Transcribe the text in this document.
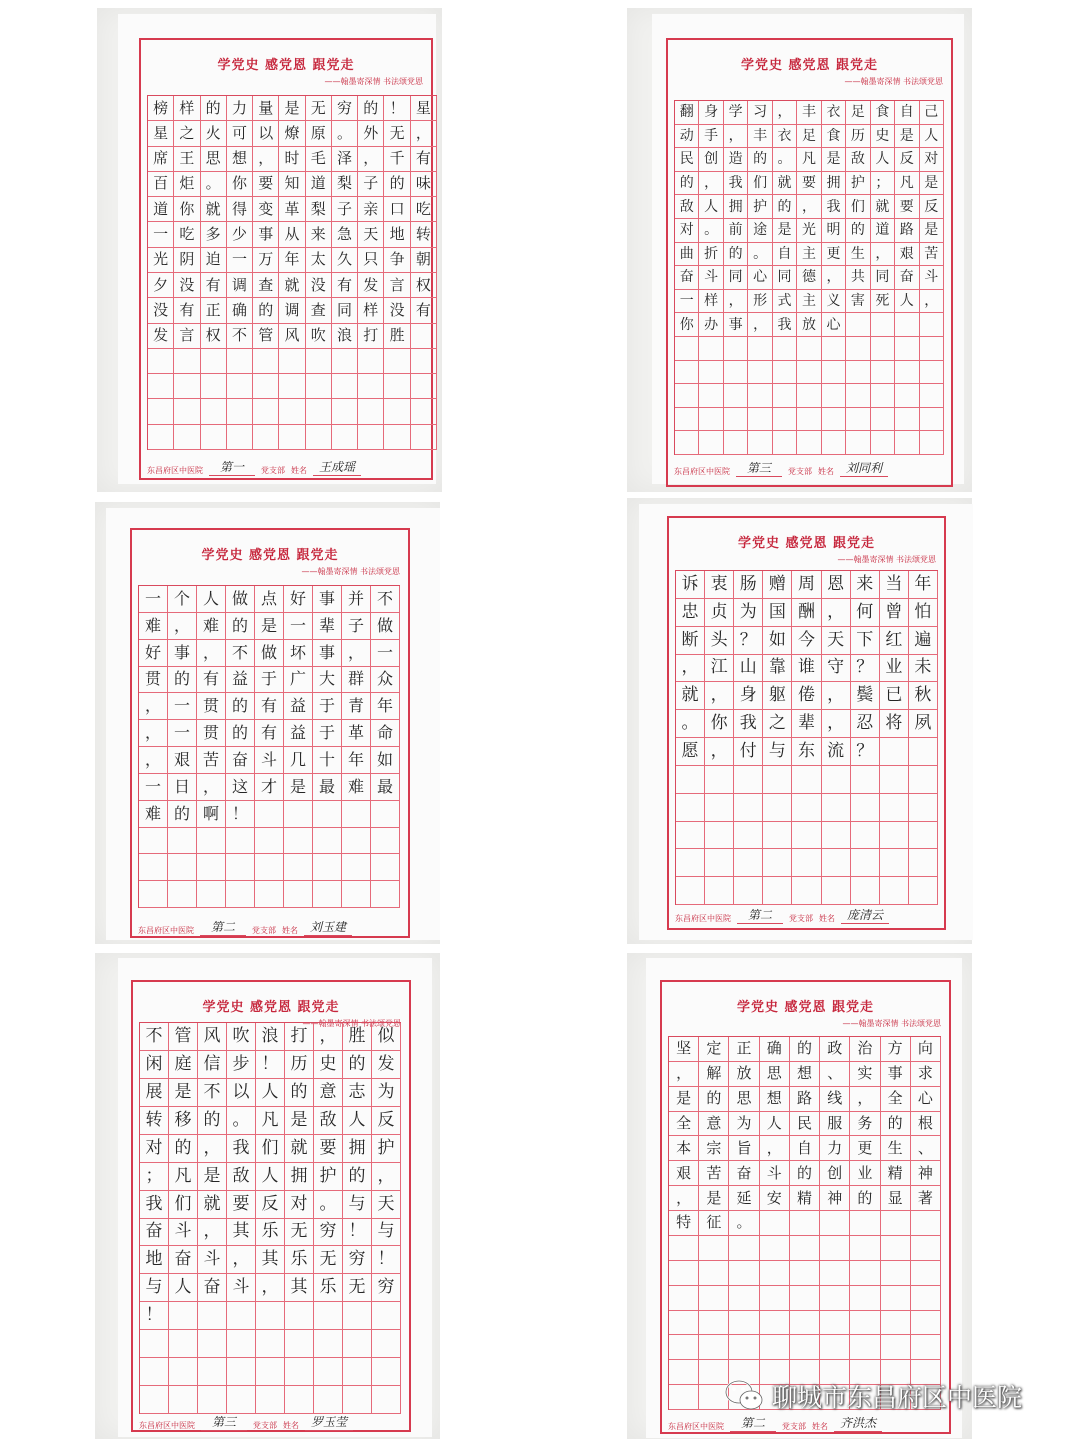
学党史 感党恩 跟党走
——翰墨寄深情 书法颂党恩
榜 样 的 力 量 是 无 穷 的 ！ 星
星 之 火 可 以 燎 原 。 外 无 ，
席 王 思 想 ， 时 毛 泽 ， 千 有
百 炬 。 你 要 知 道 梨 子 的 味
道 你 就 得 变 革 梨 子 亲 口 吃
一 吃 多 少 事 从 来 急 天 地 转
光 阴 迫 一 万 年 太 久 只 争 朝
夕 没 有 调 查 就 没 有 发 言 权
没 有 正 确 的 调 查 同 样 没 有
发 言 权 不 管 风 吹 浪 打 胜
东昌府区中医院	第一	党支部 姓名	王成瑶
学党史 感党恩 跟党走
——翰墨寄深情 书法颂党恩
翻 身 学 习 ， 丰 衣 足 食 自 己
动 手 ， 丰 衣 足 食 历 史 是 人
民 创 造 的 。 凡 是 敌 人 反 对
的 ， 我 们 就 要 拥 护 ； 凡 是
敌 人 拥 护 的 ， 我 们 就 要 反
对 。 前 途 是 光 明 的 道 路 是
曲 折 的 。 自 主 更 生 ， 艰 苦
奋 斗 同 心 同 德 ， 共 同 奋 斗
一 样 ， 形 式 主 义 害 死 人 ，
你 办 事 ， 我 放 心
东昌府区中医院	第三	党支部 姓名	刘同利
学党史 感党恩 跟党走
——翰墨寄深情 书法颂党恩
一 个 人 做 点 好 事 并 不
难 ， 难 的 是 一 辈 子 做
好 事 ， 不 做 坏 事 ， 一
贯 的 有 益 于 广 大 群 众
， 一 贯 的 有 益 于 青 年
， 一 贯 的 有 益 于 革 命
， 艰 苦 奋 斗 几 十 年 如
一 日 ， 这 才 是 最 难 最
难 的 啊 ！
东昌府区中医院	第二	党支部 姓名	刘玉建
学党史 感党恩 跟党走
——翰墨寄深情 书法颂党恩
诉 衷 肠 赠 周 恩 来 当 年
忠 贞 为 国 酬 ， 何 曾 怕
断 头 ？ 如 今 天 下 红 遍
， 江 山 靠 谁 守 ？ 业 未
就 ， 身 躯 倦 ， 鬓 已 秋
。 你 我 之 辈 ， 忍 将 夙
愿 ， 付 与 东 流 ？
东昌府区中医院	第二	党支部 姓名	庞清云
学党史 感党恩 跟党走
——翰墨寄深情 书法颂党恩
不 管 风 吹 浪 打 ， 胜 似
闲 庭 信 步 ！ 历 史 的 发
展 是 不 以 人 的 意 志 为
转 移 的 。 凡 是 敌 人 反
对 的 ， 我 们 就 要 拥 护
； 凡 是 敌 人 拥 护 的 ，
我 们 就 要 反 对 。 与 天
奋 斗 ， 其 乐 无 穷 ！ 与
地 奋 斗 ， 其 乐 无 穷 ！
与 人 奋 斗 ， 其 乐 无 穷
！
东昌府区中医院	第三	党支部 姓名	罗玉莹
学党史 感党恩 跟党走
——翰墨寄深情 书法颂党恩
坚	定	正	确	的	政	治	方	向
，	解	放	思	想	、	实	事	求
是	的	思	想	路	线	，	全	心
全	意	为	人	民	服	务	的	根
本	宗	旨	，	自	力	更	生	、
艰	苦	奋	斗	的	创	业	精	神
，	是	延	安	精	神	的	显	著
特	征	。
东昌府区中医院	第二	党支部 姓名	齐洪杰
聊城市东昌府区中医院
